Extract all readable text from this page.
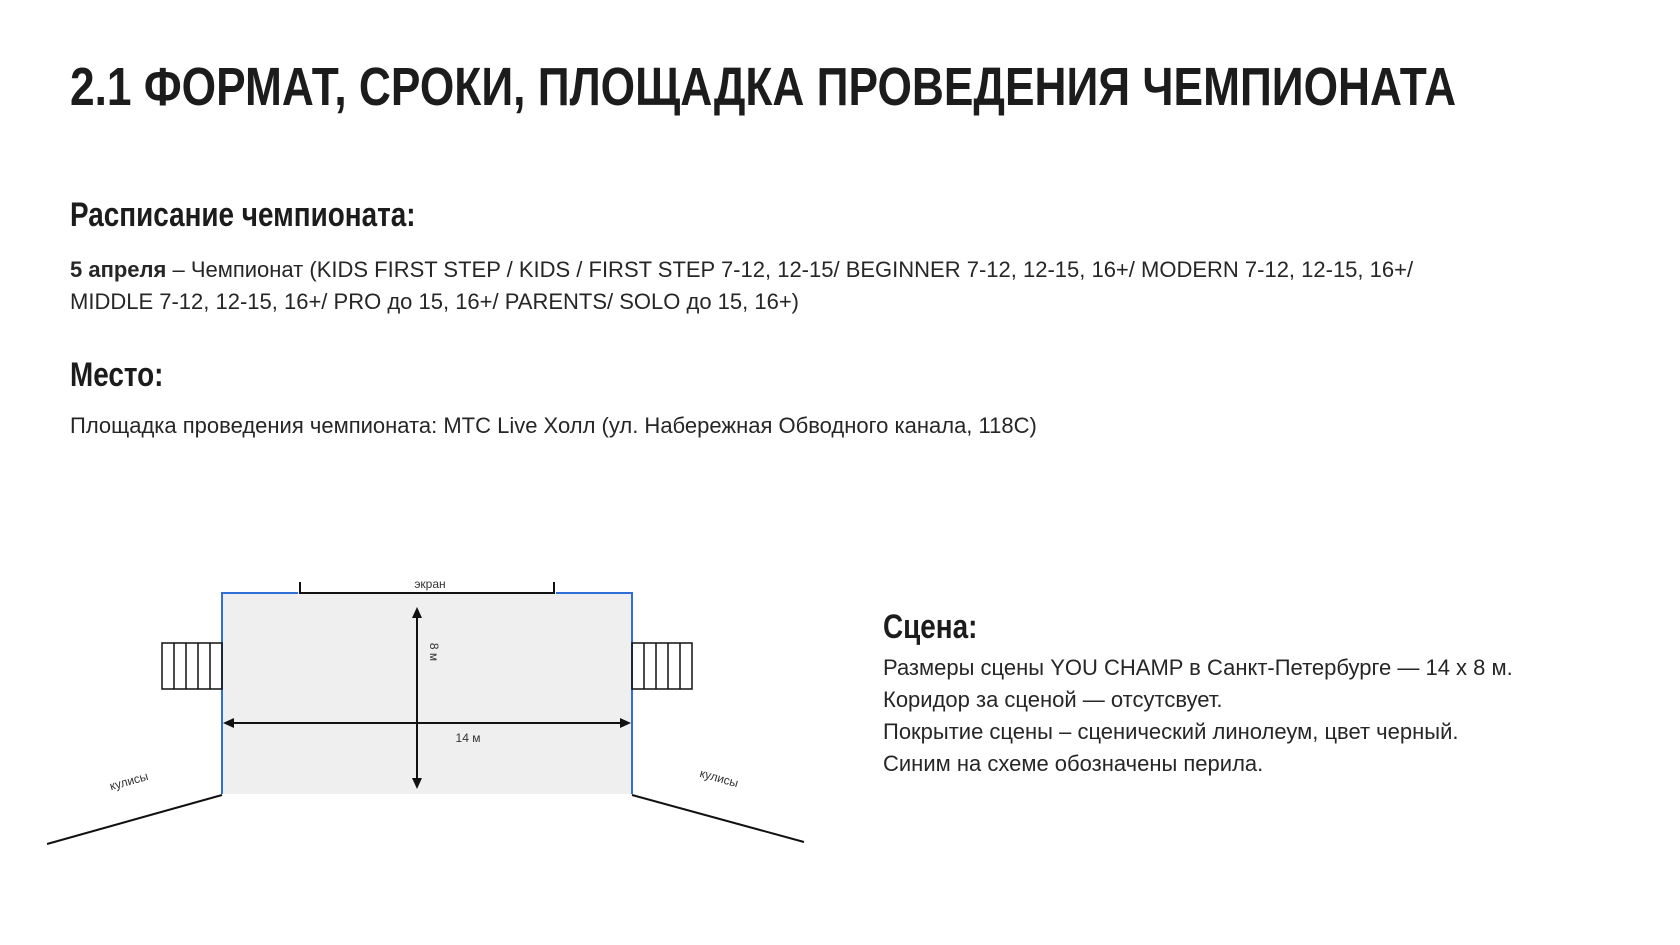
2.1 ФОРМАТ, СРОКИ, ПЛОЩАДКА ПРОВЕДЕНИЯ ЧЕМПИОНАТА
Расписание чемпионата:

5 апреля – Чемпионат (KIDS FIRST STEP / KIDS / FIRST STEP 7-12, 12-15/ BEGINNER 7-12, 12-15, 16+/ MODERN 7-12, 12-15, 16+/

MIDDLE 7-12, 12-15, 16+/ PRO до 15, 16+/ PARENTS/ SOLO до 15, 16+)

Место:

Площадка проведения чемпионата: МТС Live Холл (ул. Набережная Обводного канала, 118С)

экран
8 м
14 м
кулисы	кулисы
Сцена:
Размеры сцены YOU CHAMP в Санкт-Петербурге — 14 х 8 м.
Коридор за сценой — отсутсвует.
Покрытие сцены – сценический линолеум, цвет черный.
Синим на схеме обозначены перила.
